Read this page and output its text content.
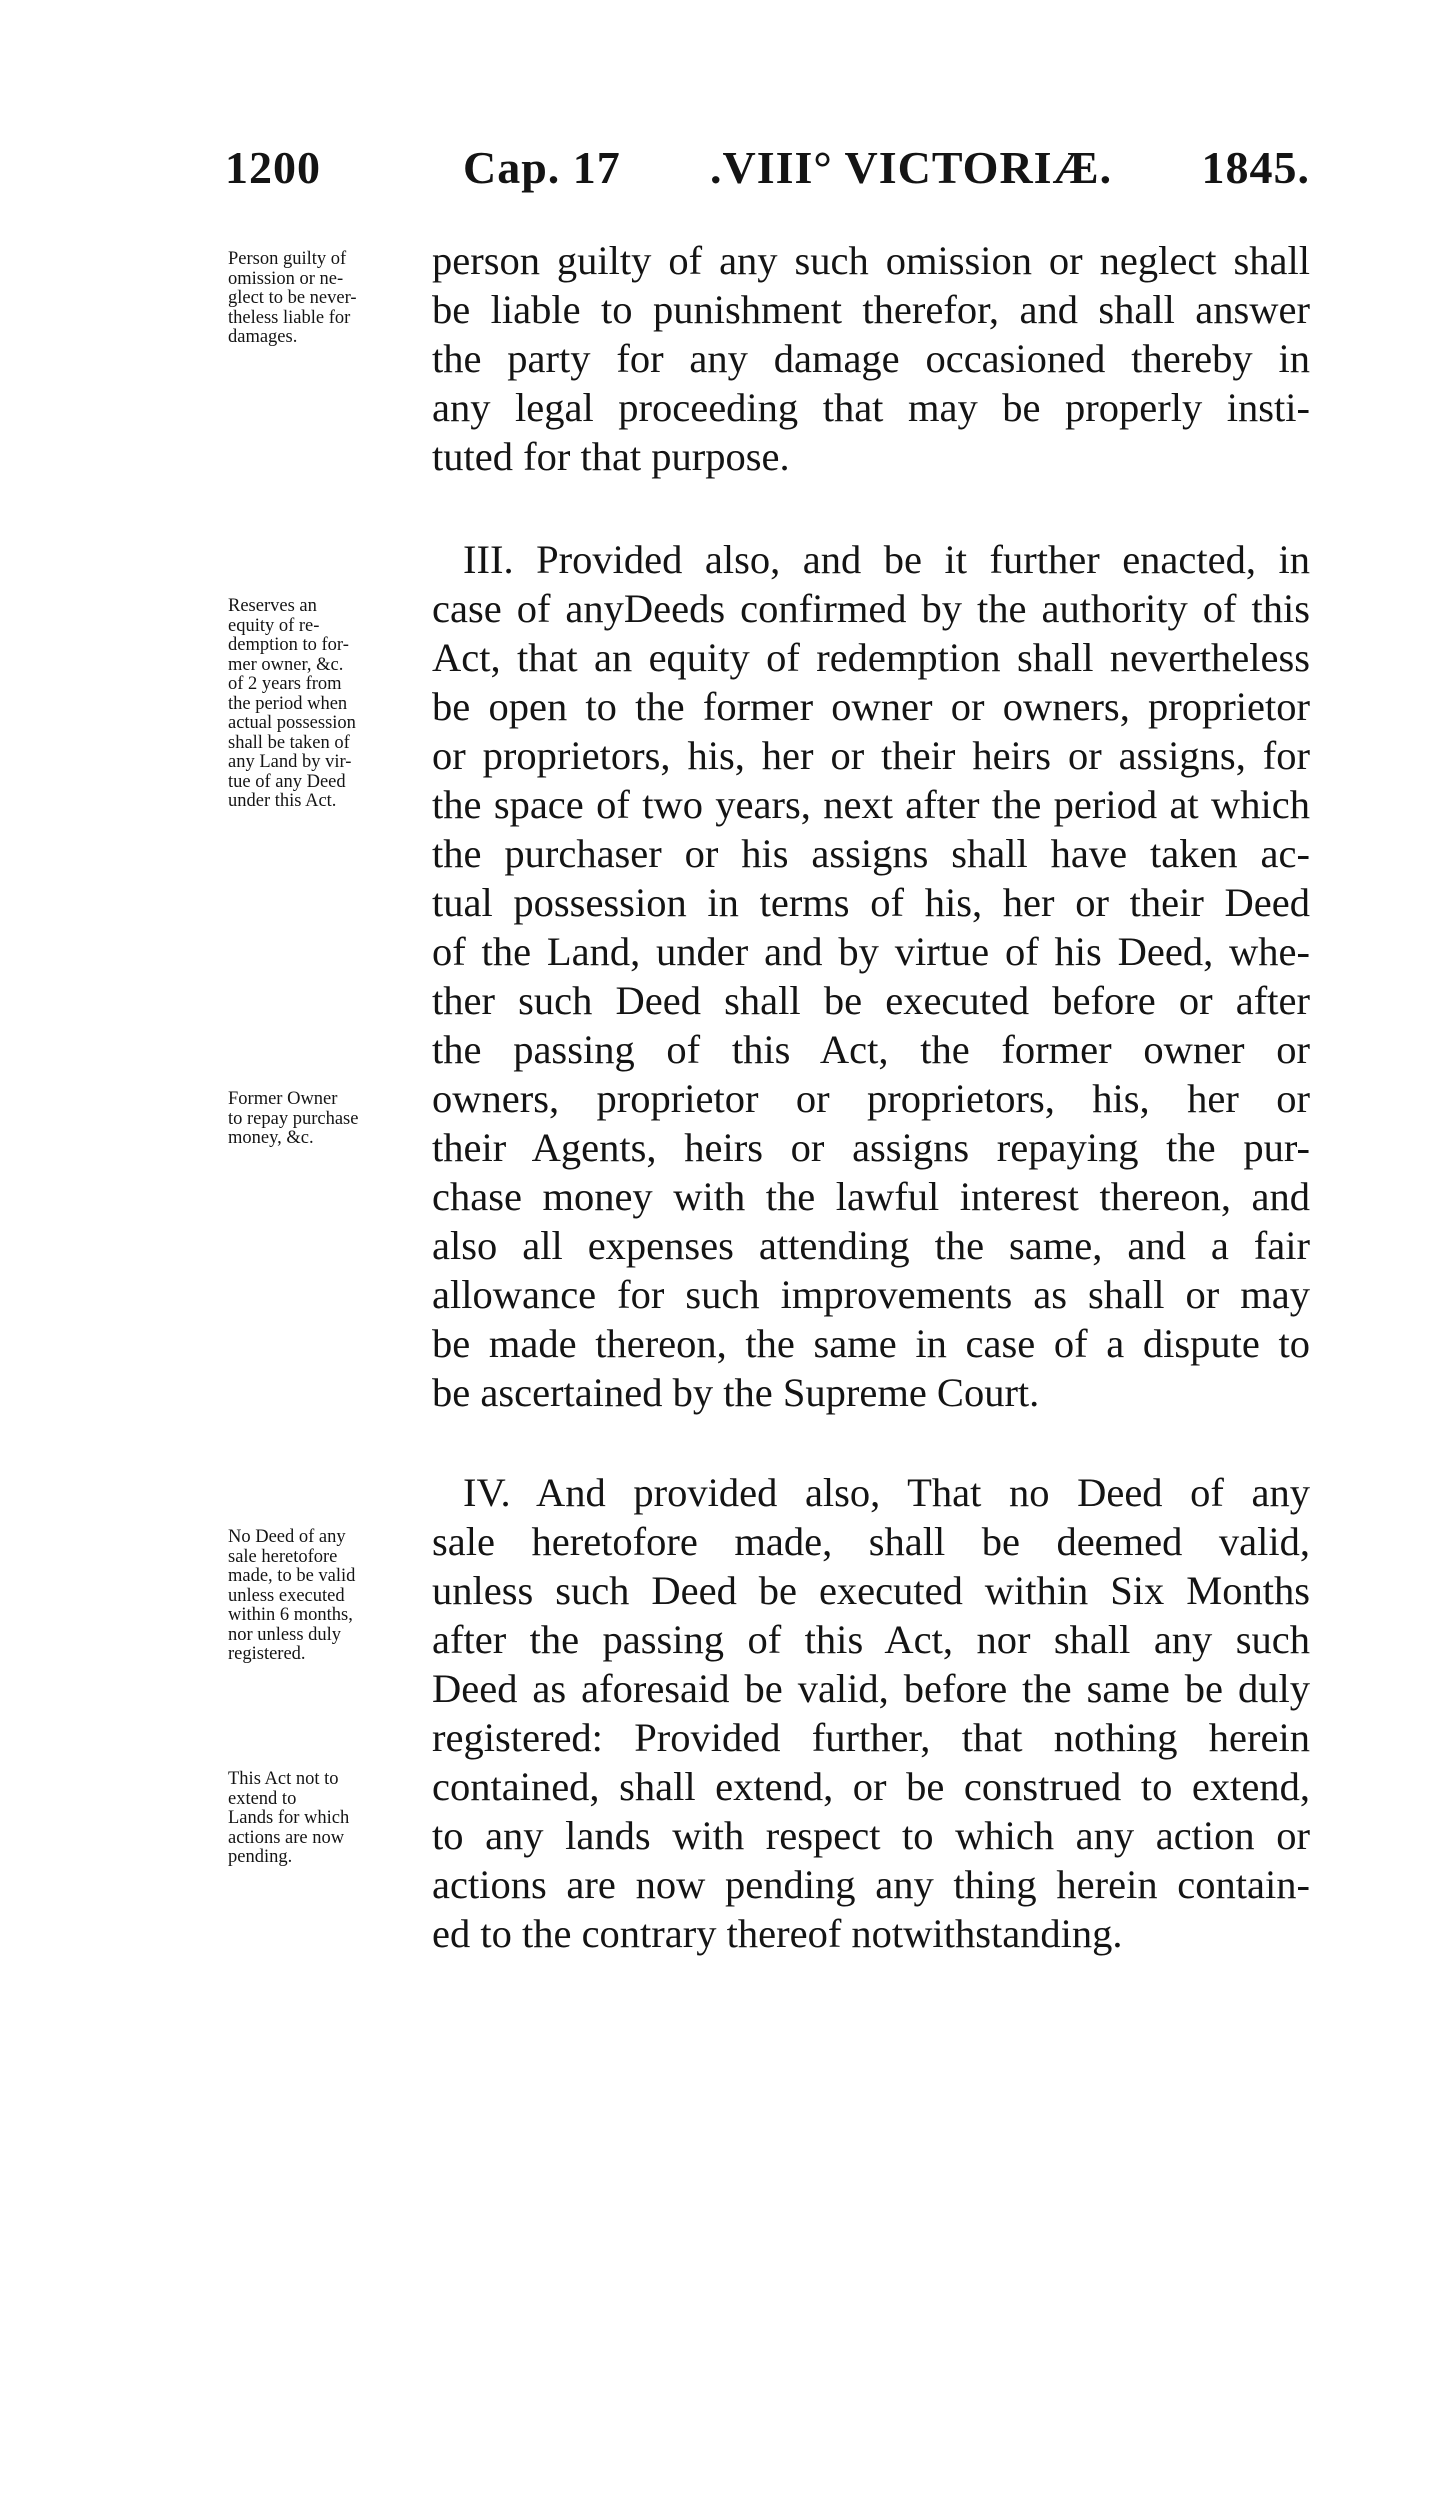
1200	Cap. 17 .VIII° VICTORIÆ. 1845.
person guilty of any such omission or neglect shall
be liable to punishment therefor, and shall answer
the party for any damage occasioned thereby in
any legal proceeding that may be properly insti-
tuted for that purpose.
III. Provided also, and be it further enacted, in
case of anyDeeds confirmed by the authority of this
Act, that an equity of redemption shall nevertheless
be open to the former owner or owners, proprietor
or proprietors, his, her or their heirs or assigns, for
the space of two years, next after the period at which
the purchaser or his assigns shall have taken ac-
tual possession in terms of his, her or their Deed
of the Land, under and by virtue of his Deed, whe-
ther such Deed shall be executed before or after
the passing of this Act, the former owner or
owners, proprietor or proprietors, his, her or
their Agents, heirs or assigns repaying the pur-
chase money with the lawful interest thereon, and
also all expenses attending the same, and a fair
allowance for such improvements as shall or may
be made thereon, the same in case of a dispute to
be ascertained by the Supreme Court.
IV. And provided also, That no Deed of any
sale heretofore made, shall be deemed valid,
unless such Deed be executed within Six Months
after the passing of this Act, nor shall any such
Deed as aforesaid be valid, before the same be duly
registered: Provided further, that nothing herein
contained, shall extend, or be construed to extend,
to any lands with respect to which any action or
actions are now pending any thing herein contain-
ed to the contrary thereof notwithstanding.
Person guilty of
omission or ne-
glect to be never-
theless liable for
damages.
Reserves an
equity of re-
demption to for-
mer owner, &c.
of 2 years from
the period when
actual possession
shall be taken of
any Land by vir-
tue of any Deed
under this Act.
Former Owner
to repay purchase
money, &c.
No Deed of any
sale heretofore
made, to be valid
unless executed
within 6 months,
nor unless duly
registered.
This Act not to
extend to
Lands for which
actions are now
pending.
